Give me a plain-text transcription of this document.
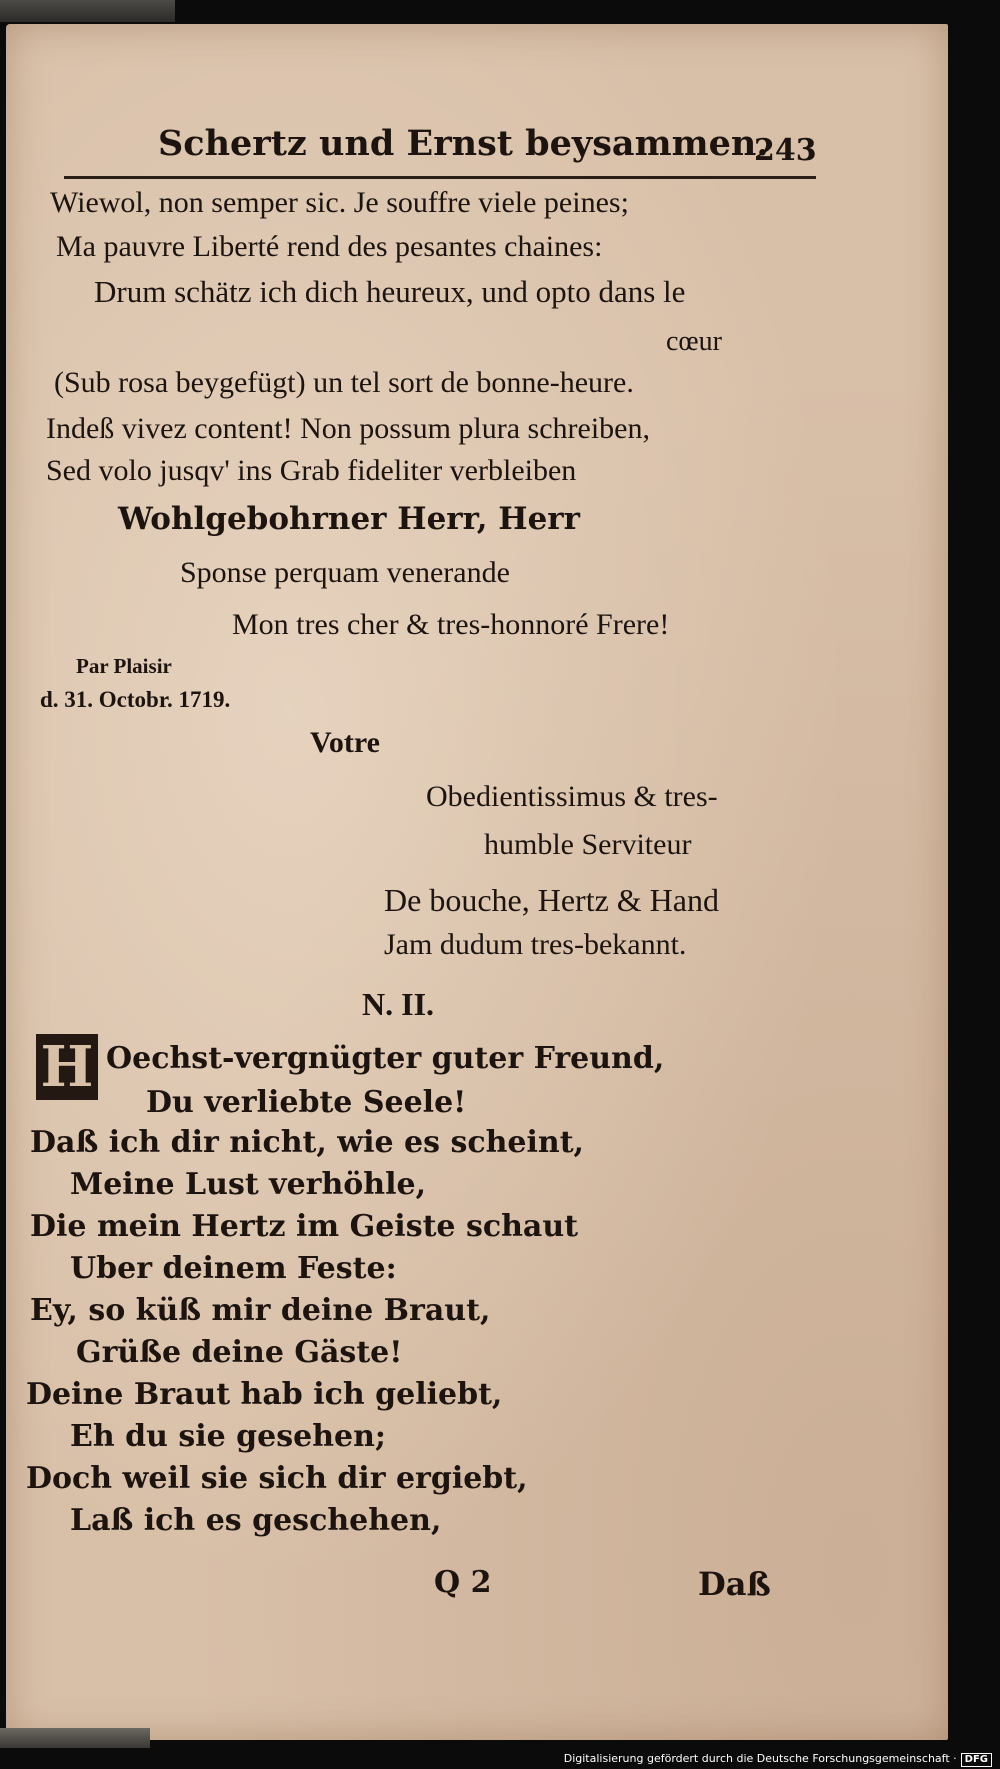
Schertz und Ernst beysammen.
243
Wiewol, non semper sic. Je souffre viele peines;
Ma pauvre Liberté rend des pesantes chaines:
Drum schätz ich dich heureux, und opto dans le
cœur
(Sub rosa beygefügt) un tel sort de bonne-heure.
Indeß vivez content! Non possum plura schreiben,
Sed volo jusqv' ins Grab fideliter verbleiben
Wohlgebohrner Herr, Herr
Sponse perquam venerande
Mon tres cher & tres-honnoré Frere!
Par Plaisir
d. 31. Octobr. 1719.
Votre
Obedientissimus & tres-
humble Serviteur
De bouche, Hertz & Hand
Jam dudum tres-bekannt.
N. II.
H Oechst-vergnügter guter Freund,
Du verliebte Seele!
Daß ich dir nicht, wie es scheint,
Meine Lust verhöhle,
Die mein Hertz im Geiste schaut
Uber deinem Feste:
Ey, so küß mir deine Braut,
Grüße deine Gäste!
Deine Braut hab ich geliebt,
Eh du sie gesehen;
Doch weil sie sich dir ergiebt,
Laß ich es geschehen,
Q 2	Daß
Digitalisierung gefördert durch die Deutsche Forschungsgemeinschaft · DFG
